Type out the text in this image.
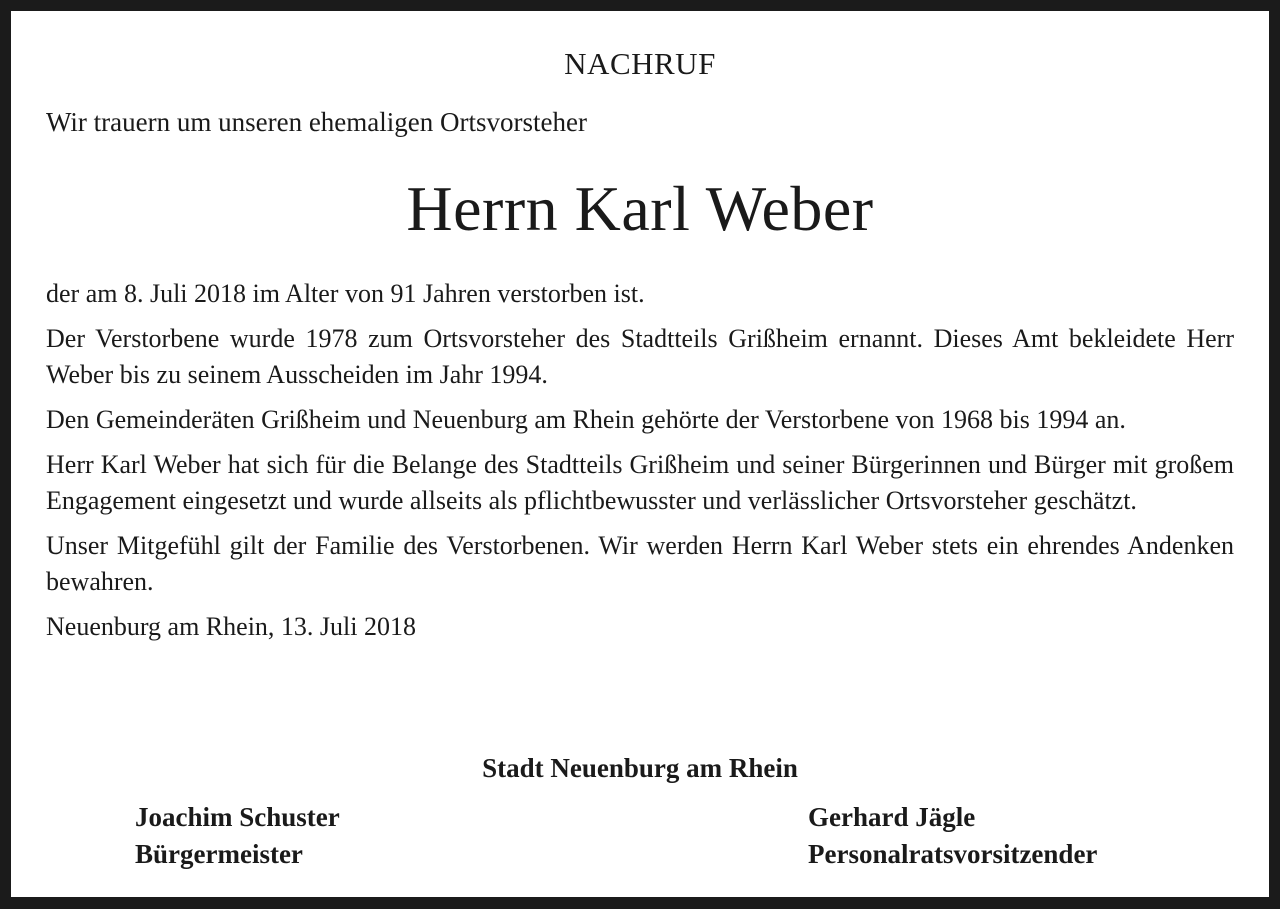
NACHRUF
Wir trauern um unseren ehemaligen Ortsvorsteher
Herrn Karl Weber

der am 8. Juli 2018 im Alter von 91 Jahren verstorben ist.

Der Verstorbene wurde 1978 zum Ortsvorsteher des Stadtteils Grißheim ernannt. Dieses Amt bekleidete Herr Weber bis zu seinem Ausscheiden im Jahr 1994.

Den Gemeinderäten Grißheim und Neuenburg am Rhein gehörte der Verstorbene von 1968 bis 1994 an.

Herr Karl Weber hat sich für die Belange des Stadtteils Grißheim und seiner Bürgerinnen und Bürger mit großem Engagement eingesetzt und wurde allseits als pflichtbewusster und verlässlicher Ortsvorsteher geschätzt.

Unser Mitgefühl gilt der Familie des Verstorbenen. Wir werden Herrn Karl Weber stets ein ehrendes Andenken bewahren.

Neuenburg am Rhein, 13. Juli 2018

Stadt Neuenburg am Rhein
Joachim Schuster
Bürgermeister
Gerhard Jägle
Personalratsvorsitzender
